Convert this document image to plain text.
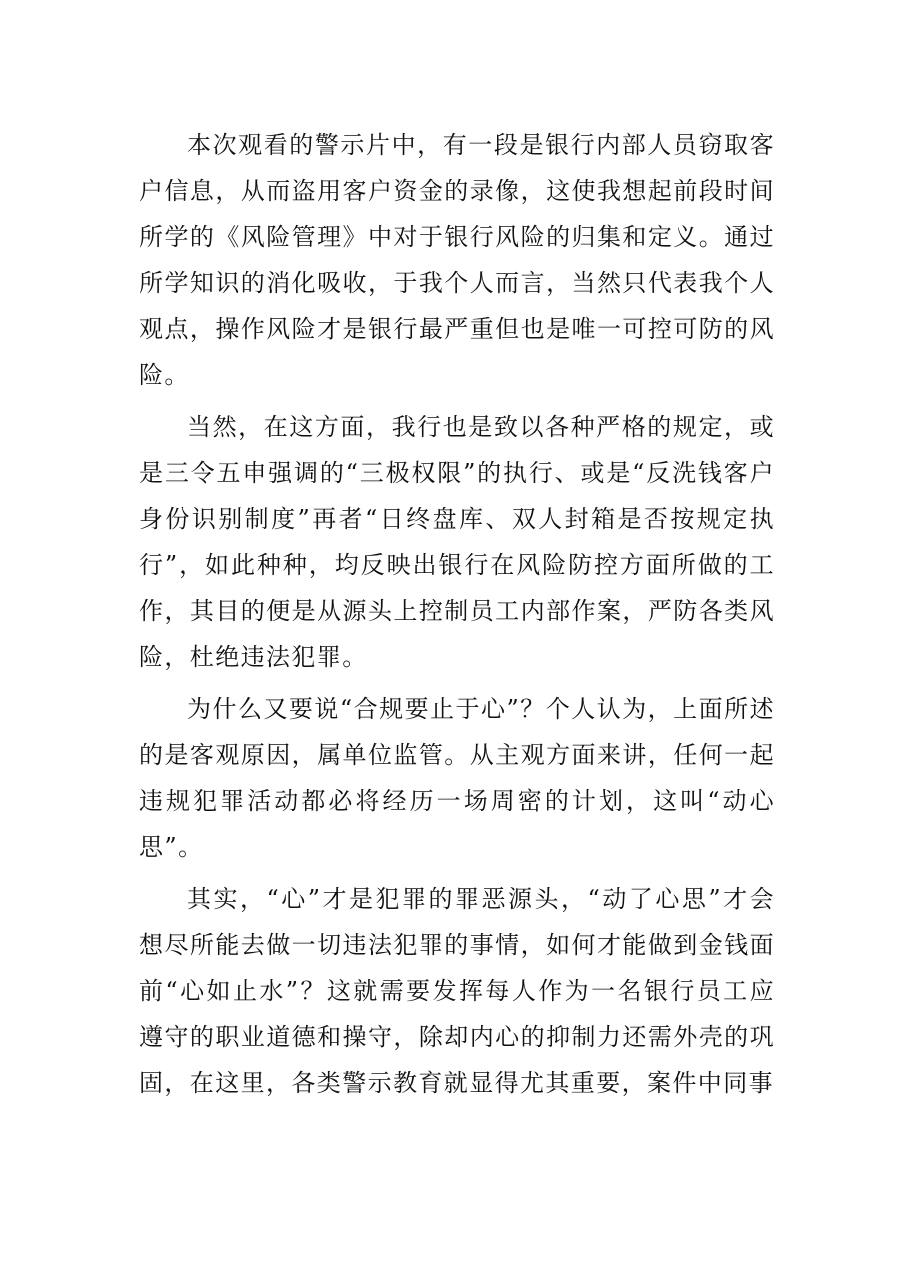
本次观看的警示片中，有一段是银行内部人员窃取客户信息，从而盗用客户资金的录像，这使我想起前段时间所学的《风险管理》中对于银行风险的归集和定义。通过所学知识的消化吸收，于我个人而言，当然只代表我个人观点，操作风险才是银行最严重但也是唯一可控可防的风险。

当然，在这方面，我行也是致以各种严格的规定，或是三令五申强调的“三极权限”的执行、或是“反洗钱客户身份识别制度”再者“日终盘库、双人封箱是否按规定执行”，如此种种，均反映出银行在风险防控方面所做的工作，其目的便是从源头上控制员工内部作案，严防各类风险，杜绝违法犯罪。

为什么又要说“合规要止于心”？个人认为，上面所述的是客观原因，属单位监管。从主观方面来讲，任何一起违规犯罪活动都必将经历一场周密的计划，这叫“动心思”。

其实，“心”才是犯罪的罪恶源头，“动了心思”才会想尽所能去做一切违法犯罪的事情，如何才能做到金钱面前“心如止水”？这就需要发挥每人作为一名银行员工应遵守的职业道德和操守，除却内心的抑制力还需外壳的巩固，在这里，各类警示教育就显得尤其重要，案件中同事
